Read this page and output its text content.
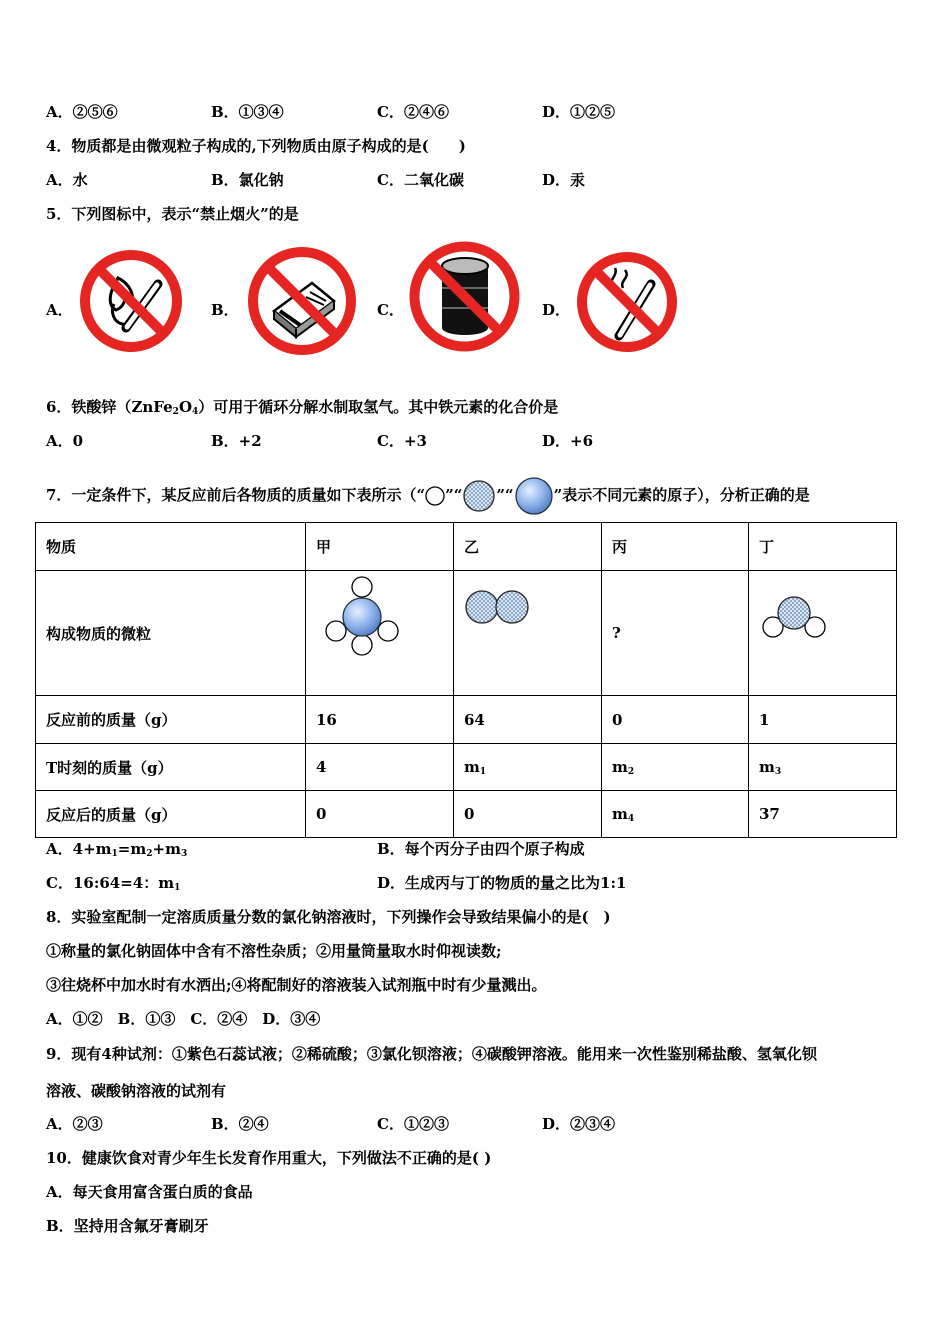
A．②⑤⑥	B．①③④	C．②④⑥	D．①②⑤
4．物质都是由微观粒子构成的,下列物质由原子构成的是(　　)
A．水	B．氯化钠	C．二氧化碳	D．汞
5．下列图标中，表示“禁止烟火”的是
A．	B．	C．	D．
6．铁酸锌$(ZnFe_2O_4)$可用于循环分解水制取氢气。其中铁元素的化合价是
A．0	B．+2	C．+3	D．+6
7．一定条件下，某反应前后各物质的质量如下表所示（“ ”“ ”“	”表示不同元素的原子），分析正确的是
物质	甲	乙	丙	丁
构成物质的微粒			?	
反应前的质量（g）	16	64	0	1
T时刻的质量（g）	4	$m_1$	$m_2$	$m_3$
反应后的质量（g）	0	0	$m_4$	37
A．$4+m_1=m_2+m_3$	B．每个丙分子由四个原子构成
C．16:64=4：$m_1$	D．生成丙与丁的物质的量之比为1:1
8．实验室配制一定溶质质量分数的氯化钠溶液时，下列操作会导致结果偏小的是(　)
①称量的氯化钠固体中含有不溶性杂质；②用量筒量取水时仰视读数;
③往烧杯中加水时有水洒出;④将配制好的溶液装入试剂瓶中时有少量溅出。
A．①②　B．①③　C．②④　D．③④
9．现有4种试剂：①紫色石蕊试液；②稀硫酸；③氯化钡溶液；④碳酸钾溶液。能用来一次性鉴别稀盐酸、氢氧化钡
溶液、碳酸钠溶液的试剂有
A．②③	B．②④	C．①②③	D．②③④
10．健康饮食对青少年生长发育作用重大，下列做法不正确的是( )
A．每天食用富含蛋白质的食品
B．坚持用含氟牙膏刷牙
